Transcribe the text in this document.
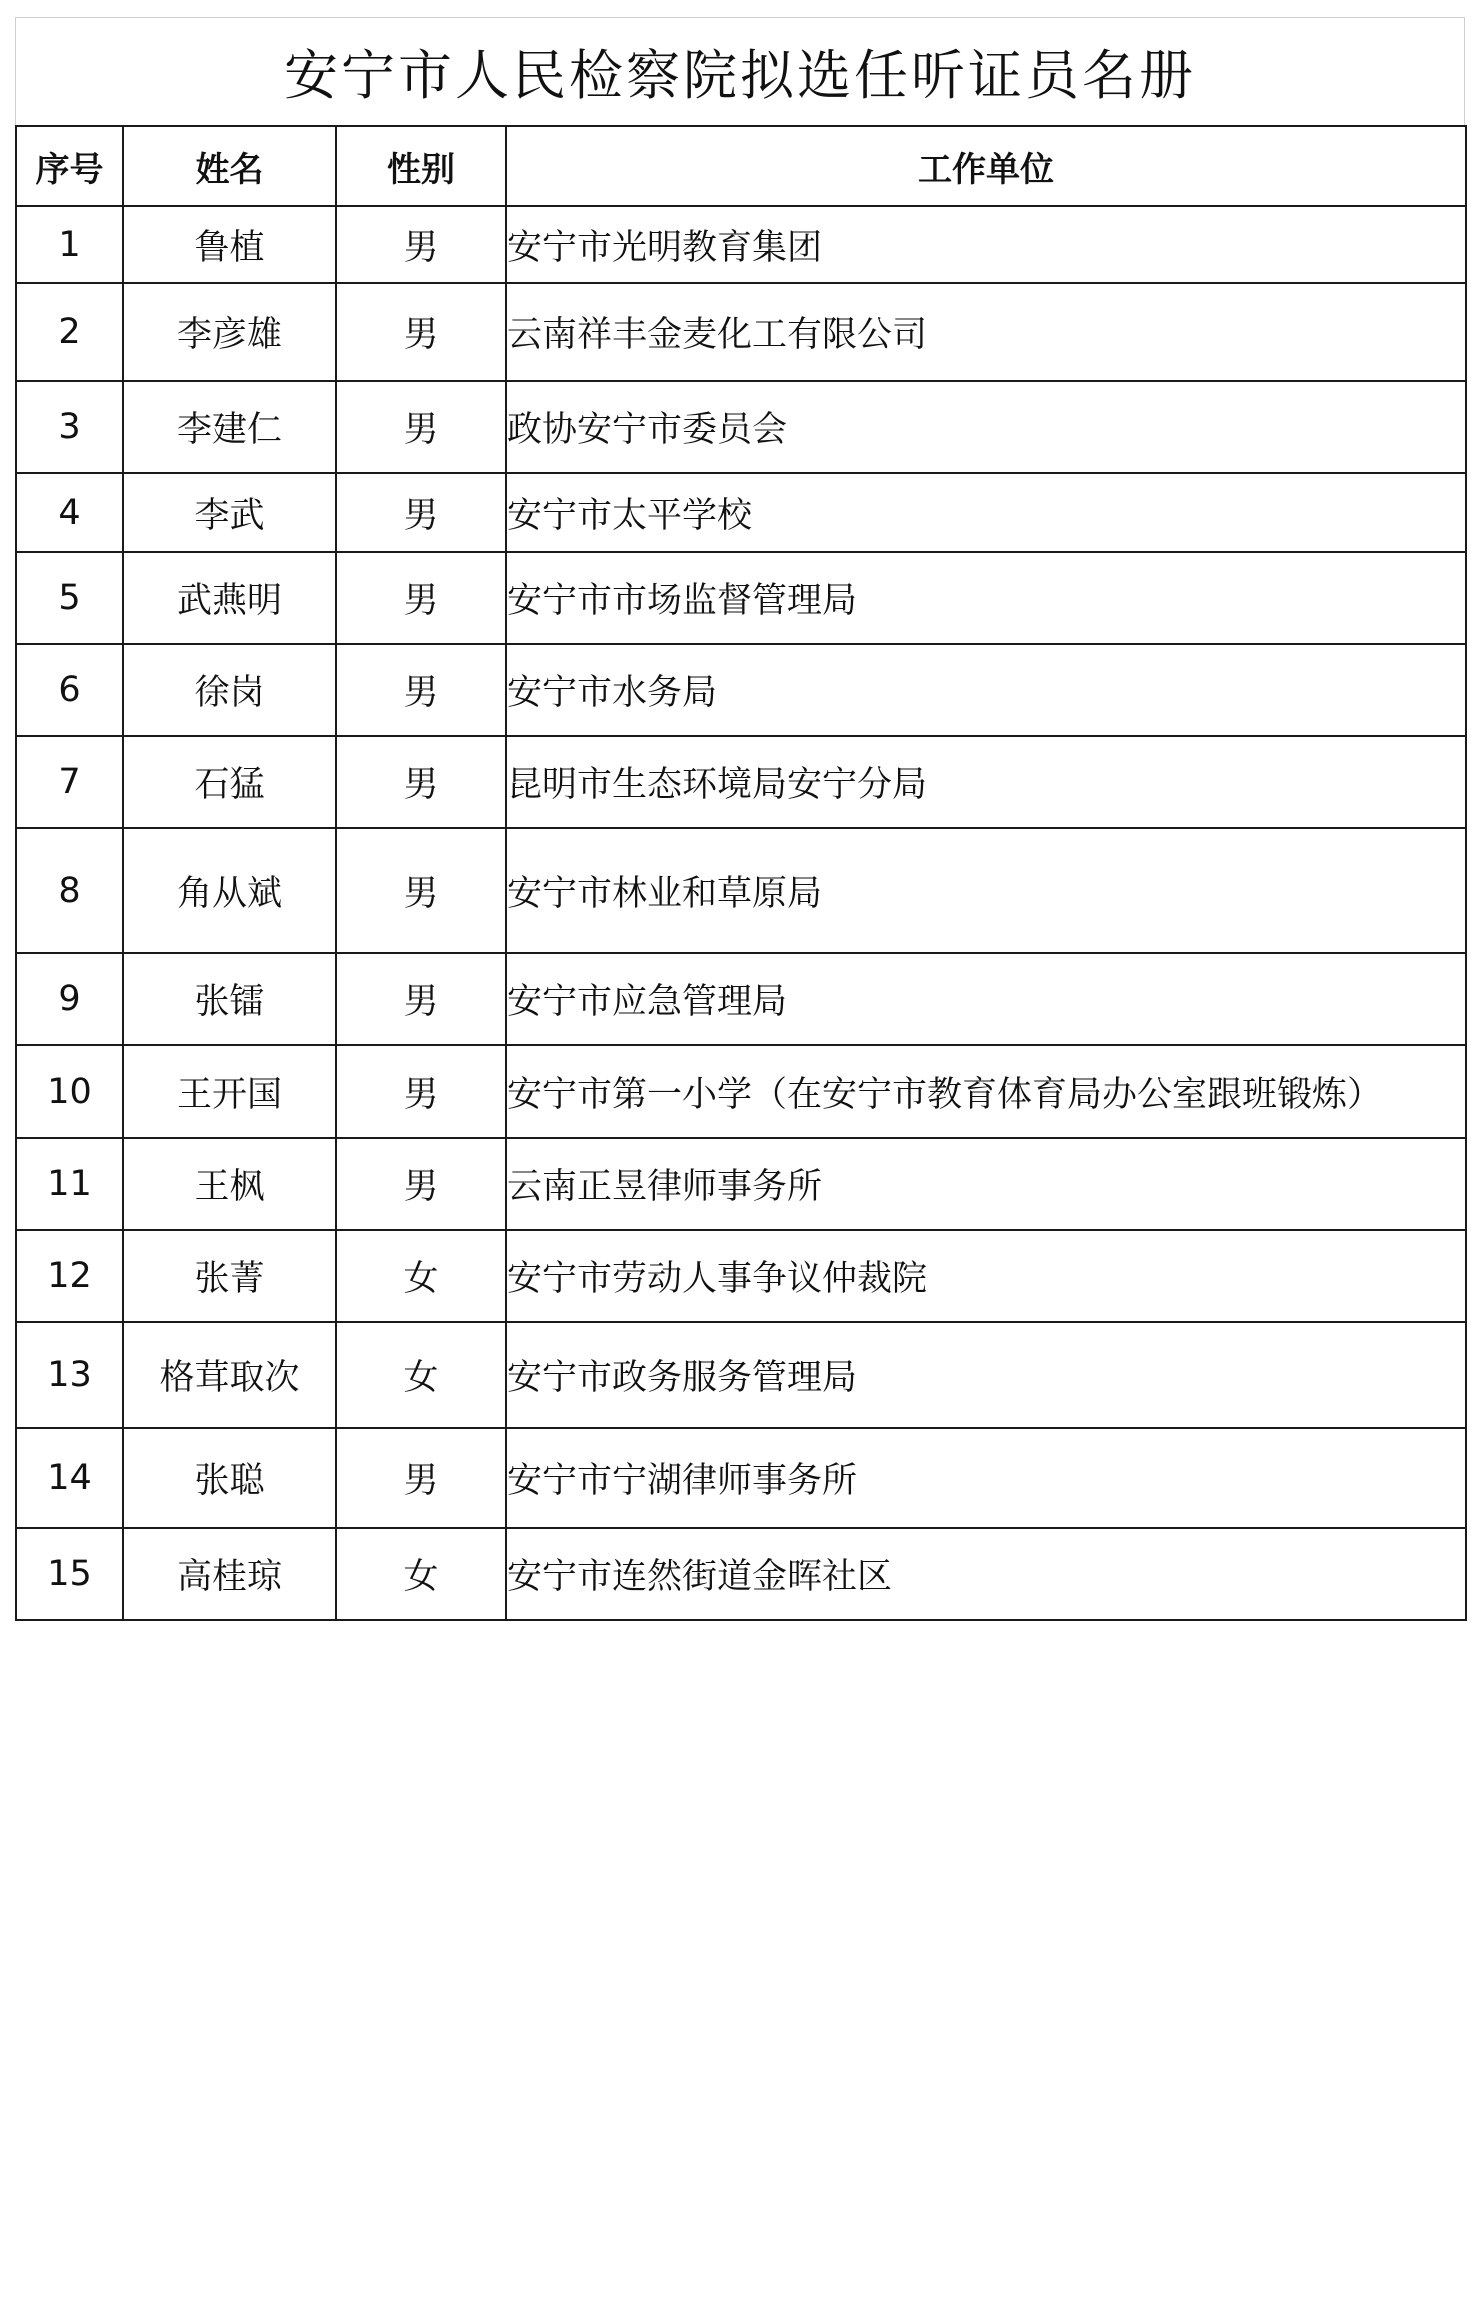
安宁市人民检察院拟选任听证员名册
序号	姓名	性别	工作单位
1	鲁植	男	安宁市光明教育集团
2	李彦雄	男	云南祥丰金麦化工有限公司
3	李建仁	男	政协安宁市委员会
4	李武	男	安宁市太平学校
5	武燕明	男	安宁市市场监督管理局
6	徐岗	男	安宁市水务局
7	石猛	男	昆明市生态环境局安宁分局
8	角从斌	男	安宁市林业和草原局
9	张镭	男	安宁市应急管理局
10	王开国	男	安宁市第一小学（在安宁市教育体育局办公室跟班锻炼）
11	王枫	男	云南正昱律师事务所
12	张菁	女	安宁市劳动人事争议仲裁院
13	格茸取次	女	安宁市政务服务管理局
14	张聪	男	安宁市宁湖律师事务所
15	高桂琼	女	安宁市连然街道金晖社区
